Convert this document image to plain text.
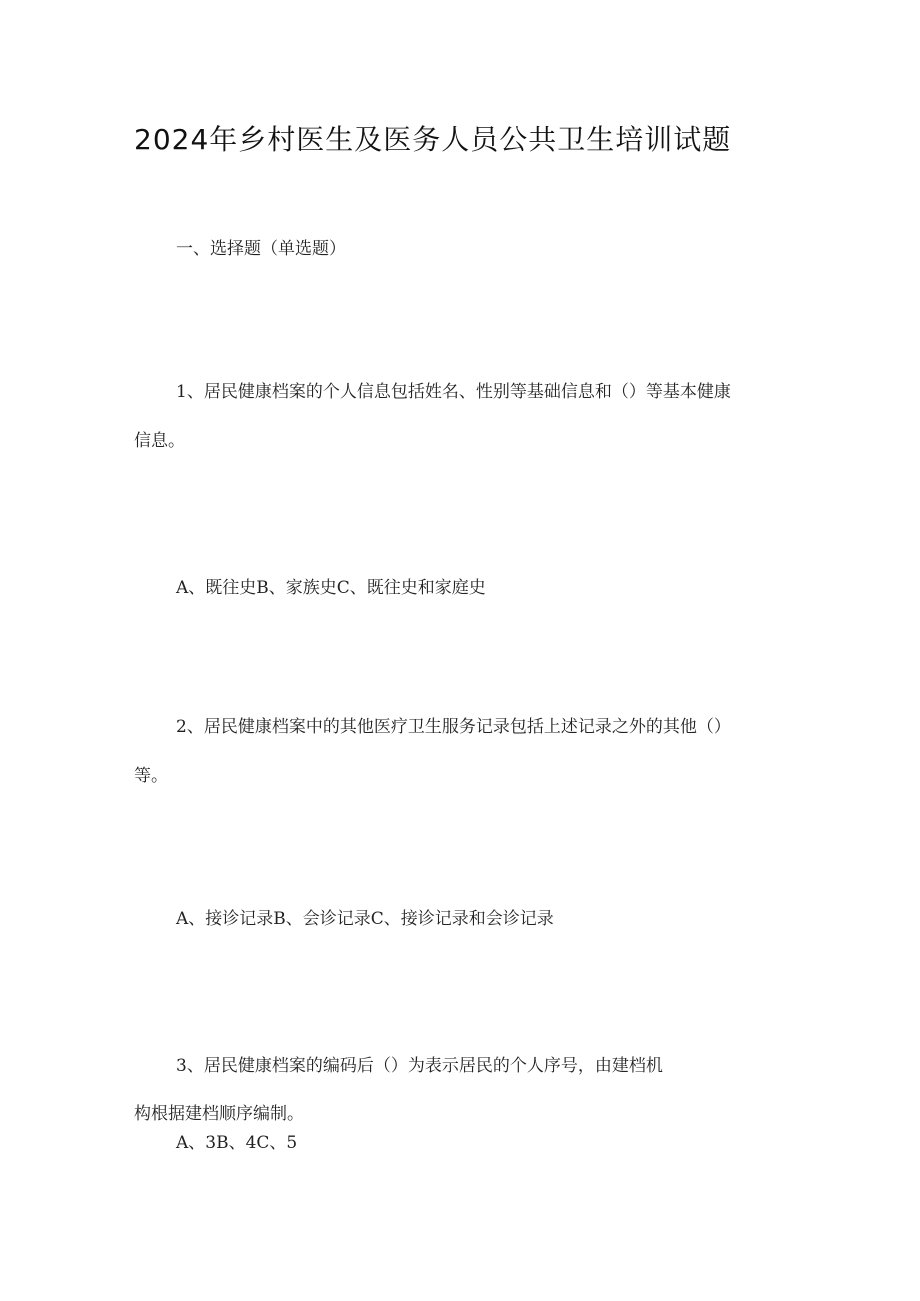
2024年乡村医生及医务人员公共卫生培训试题
一、选择题（单选题）
1、居民健康档案的个人信息包括姓名、性别等基础信息和（）等基本健康
信息。
A、既往史B、家族史C、既往史和家庭史
2、居民健康档案中的其他医疗卫生服务记录包括上述记录之外的其他（）
等。
A、接诊记录B、会诊记录C、接诊记录和会诊记录
3、居民健康档案的编码后（）为表示居民的个人序号，由建档机
构根据建档顺序编制。
A、3B、4C、5
